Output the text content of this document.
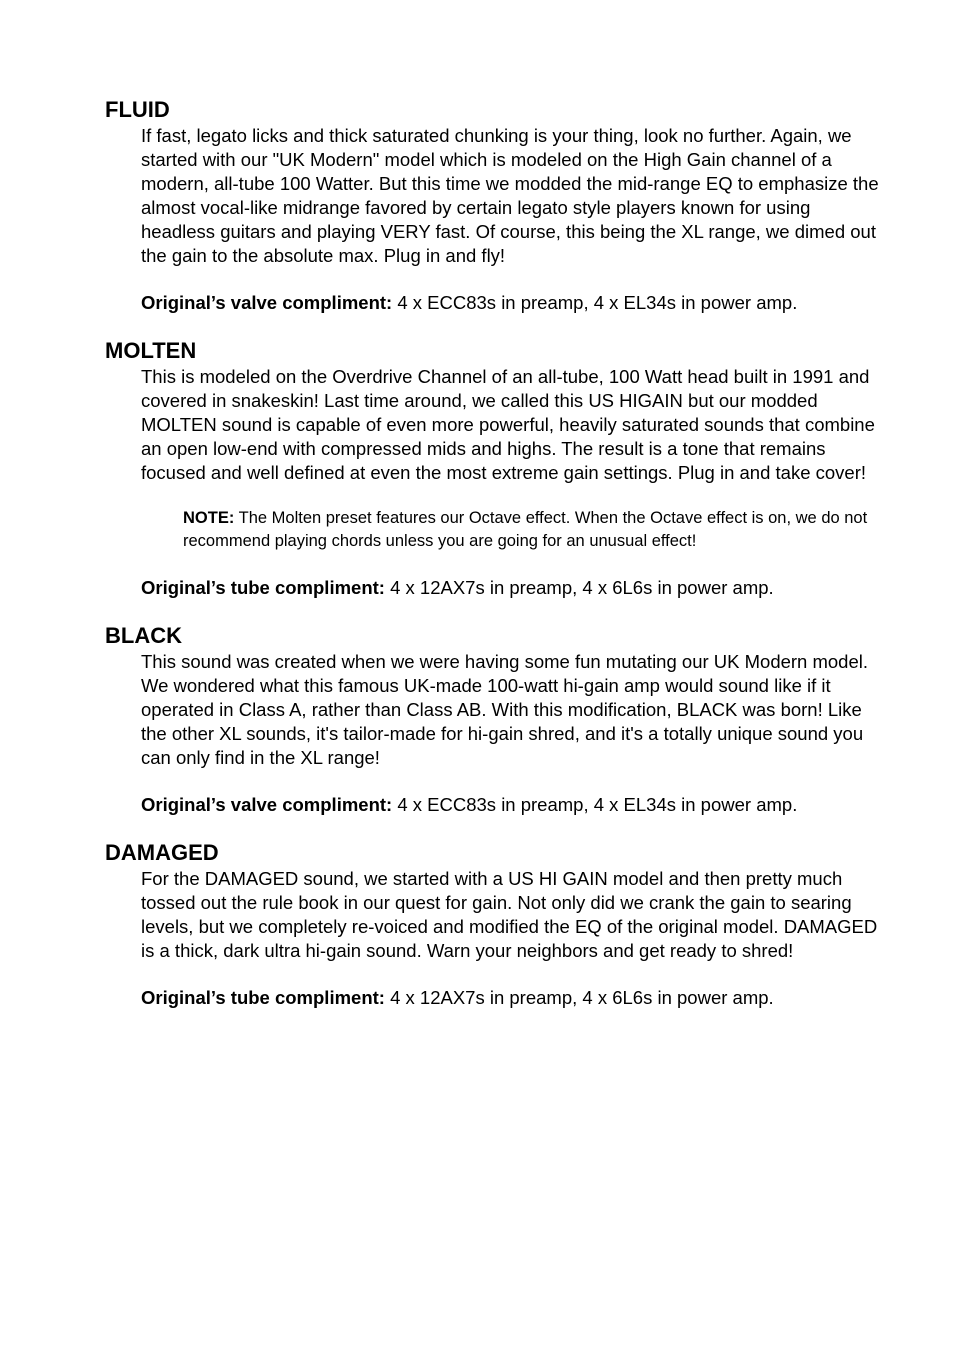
FLUID

If fast, legato licks and thick saturated chunking is your thing, look no further. Again, we started with our "UK Modern" model which is modeled on the High Gain channel of a modern, all-tube 100 Watter. But this time we modded the mid-range EQ to emphasize the almost vocal-like midrange favored by certain legato style players known for using headless guitars and playing VERY fast. Of course, this being the XL range, we dimed out the gain to the absolute max. Plug in and fly!

Original’s valve compliment: 4 x ECC83s in preamp, 4 x EL34s in power amp.

MOLTEN

This is modeled on the Overdrive Channel of an all-tube, 100 Watt head built in 1991 and covered in snakeskin! Last time around, we called this US HIGAIN but our modded MOLTEN sound is capable of even more powerful, heavily saturated sounds that combine an open low-end with compressed mids and highs. The result is a tone that remains focused and well defined at even the most extreme gain settings. Plug in and take cover!

NOTE: The Molten preset features our Octave effect. When the Octave effect is on, we do not recommend playing chords unless you are going for an unusual effect!

Original’s tube compliment: 4 x 12AX7s in preamp, 4 x 6L6s in power amp.

BLACK

This sound was created when we were having some fun mutating our UK Modern model. We wondered what this famous UK-made 100-watt hi-gain amp would sound like if it operated in Class A, rather than Class AB. With this modification, BLACK was born! Like the other XL sounds, it's tailor-made for hi-gain shred, and it's a totally unique sound you can only find in the XL range!

Original’s valve compliment: 4 x ECC83s in preamp, 4 x EL34s in power amp.

DAMAGED

For the DAMAGED sound, we started with a US HI GAIN model and then pretty much tossed out the rule book in our quest for gain. Not only did we crank the gain to searing levels, but we completely re-voiced and modified the EQ of the original model. DAMAGED is a thick, dark ultra hi-gain sound. Warn your neighbors and get ready to shred!

Original’s tube compliment: 4 x 12AX7s in preamp, 4 x 6L6s in power amp.
